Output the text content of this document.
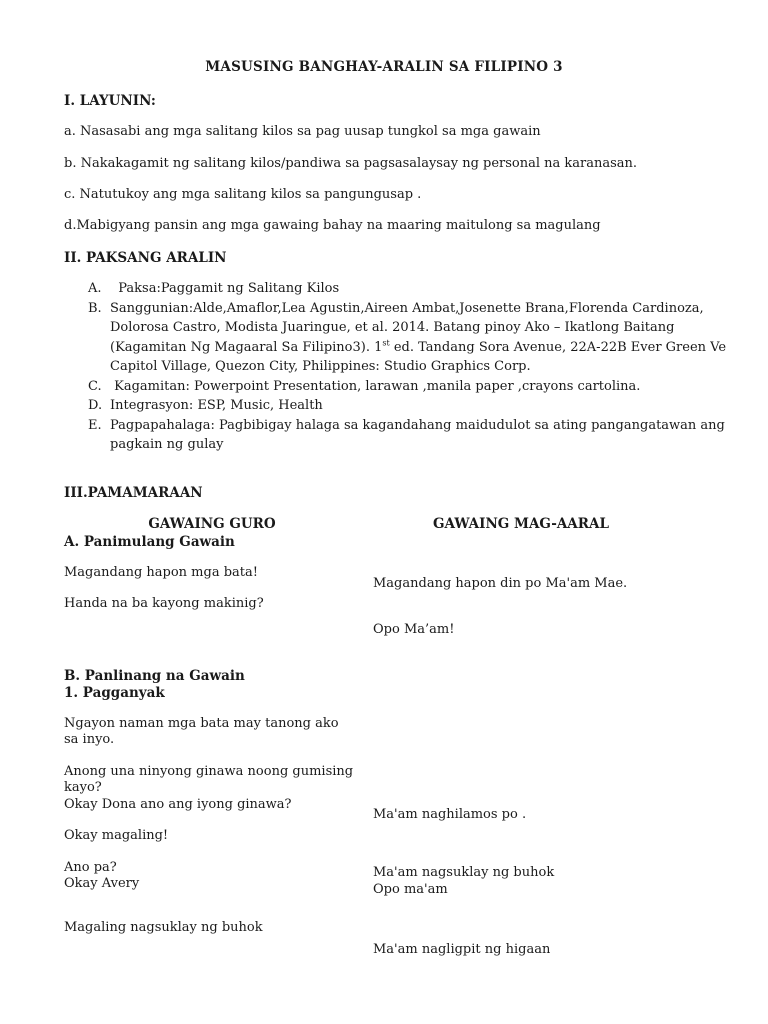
MASUSING BANGHAY-ARALIN SA FILIPINO 3
I. LAYUNIN:
a. Nasasabi ang mga salitang kilos sa pag uusap tungkol sa mga gawain
b. Nakakagamit ng salitang kilos/pandiwa sa pagsasalaysay ng personal na karanasan.
c. Natutukoy ang mga salitang kilos sa pangungusap .
d.Mabigyang pansin ang mga gawaing bahay na maaring maitulong sa magulang
II. PAKSANG ARALIN
A. Paksa:Paggamit ng Salitang Kilos
B. Sanggunian:Alde,Amaflor,Lea Agustin,Aireen Ambat,Josenette Brana,Florenda Cardinoza, Dolorosa Castro, Modista Juaringue, et al. 2014. Batang pinoy Ako – Ikatlong Baitang (Kagamitan Ng Magaaral Sa Filipino3). 1st ed. Tandang Sora Avenue, 22A-22B Ever Green Ve Capitol Village, Quezon City, Philippines: Studio Graphics Corp.
C. Kagamitan: Powerpoint Presentation, larawan ,manila paper ,crayons cartolina.
D. Integrasyon: ESP, Music, Health
E. Pagpapahalaga: Pagbibigay halaga sa kagandahang maidudulot sa ating pangangatawan ang pagkain ng gulay
III.PAMAMARAAN
GAWAING GURO	GAWAING MAG-AARAL
A. Panimulang Gawain
Magandang hapon mga bata!
Handa na ba kayong makinig?
Magandang hapon din po Ma'am Mae.
Opo Ma’am!
B. Panlinang na Gawain
1. Pagganyak
Ngayon naman mga bata may tanong ako sa inyo.
Anong una ninyong ginawa noong gumising kayo?
Okay Dona ano ang iyong ginawa?
Okay magaling!
Ano pa?
Okay Avery
Magaling nagsuklay ng buhok
Ma'am naghilamos po .
Ma'am nagsuklay ng buhok
Opo ma'am
Ma'am nagligpit ng higaan
